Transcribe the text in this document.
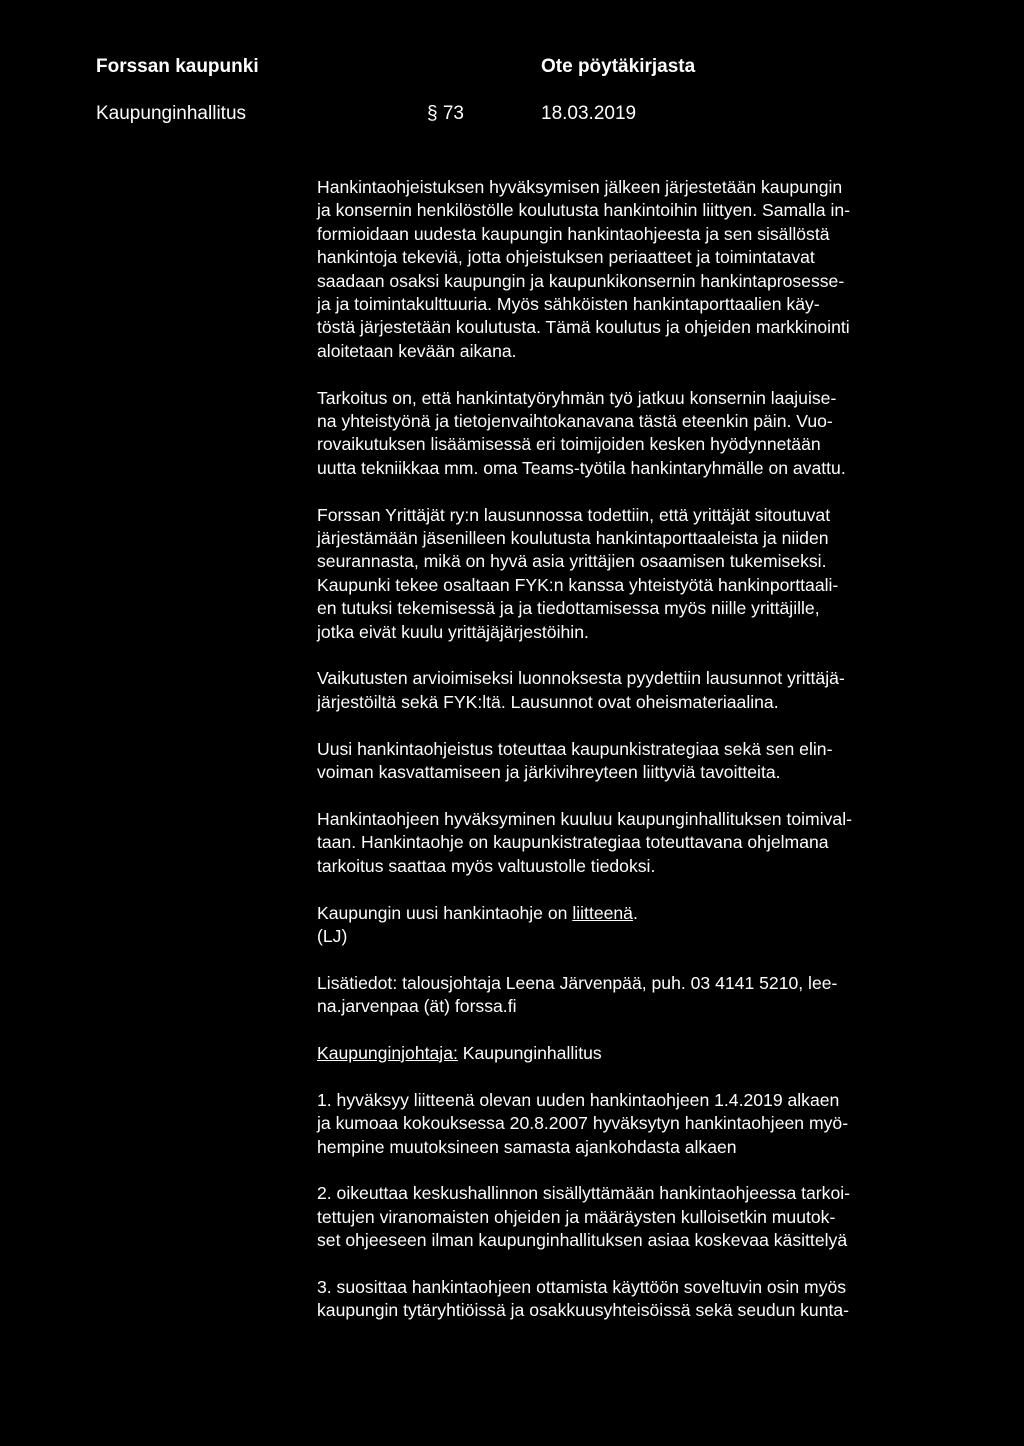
Forssan kaupunki	Ote pöytäkirjasta
Kaupunginhallitus	§ 73	18.03.2019
Hankintaohjeistuksen hyväksymisen jälkeen järjestetään kaupungin
ja konsernin henkilöstölle koulutusta hankintoihin liittyen. Samalla in-
formioidaan uudesta kaupungin hankintaohjeesta ja sen sisällöstä
hankintoja tekeviä, jotta ohjeistuksen periaatteet ja toimintatavat
saadaan osaksi kaupungin ja kaupunkikonsernin hankintaprosesse-
ja ja toimintakulttuuria. Myös sähköisten hankintaporttaalien käy-
töstä järjestetään koulutusta. Tämä koulutus ja ohjeiden markkinointi
aloitetaan kevään aikana.
Tarkoitus on, että hankintatyöryhmän työ jatkuu konsernin laajuise-
na yhteistyönä ja tietojenvaihtokanavana tästä eteenkin päin. Vuo-
rovaikutuksen lisäämisessä eri toimijoiden kesken hyödynnetään
uutta tekniikkaa mm. oma Teams-työtila hankintaryhmälle on avattu.
Forssan Yrittäjät ry:n lausunnossa todettiin, että yrittäjät sitoutuvat
järjestämään jäsenilleen koulutusta hankintaporttaaleista ja niiden
seurannasta, mikä on hyvä asia yrittäjien osaamisen tukemiseksi.
Kaupunki tekee osaltaan FYK:n kanssa yhteistyötä hankinporttaali-
en tutuksi tekemisessä ja ja tiedottamisessa myös niille yrittäjille,
jotka eivät kuulu yrittäjäjärjestöihin.
Vaikutusten arvioimiseksi luonnoksesta pyydettiin lausunnot yrittäjä-
järjestöiltä sekä FYK:ltä. Lausunnot ovat oheismateriaalina.
Uusi hankintaohjeistus toteuttaa kaupunkistrategiaa sekä sen elin-
voiman kasvattamiseen ja järkivihreyteen liittyviä tavoitteita.
Hankintaohjeen hyväksyminen kuuluu kaupunginhallituksen toimival-
taan. Hankintaohje on kaupunkistrategiaa toteuttavana ohjelmana
tarkoitus saattaa myös valtuustolle tiedoksi.
Kaupungin uusi hankintaohje on liitteenä.
(LJ)
Lisätiedot: talousjohtaja Leena Järvenpää, puh. 03 4141 5210, lee-
na.jarvenpaa (ät) forssa.fi
Kaupunginjohtaja: Kaupunginhallitus
1. hyväksyy liitteenä olevan uuden hankintaohjeen 1.4.2019 alkaen
ja kumoaa kokouksessa 20.8.2007 hyväksytyn hankintaohjeen myö-
hempine muutoksineen samasta ajankohdasta alkaen
2. oikeuttaa keskushallinnon sisällyttämään hankintaohjeessa tarkoi-
tettujen viranomaisten ohjeiden ja määräysten kulloisetkin muutok-
set ohjeeseen ilman kaupunginhallituksen asiaa koskevaa käsittelyä
3. suosittaa hankintaohjeen ottamista käyttöön soveltuvin osin myös
kaupungin tytäryhtiöissä ja osakkuusyhteisöissä sekä seudun kunta-
